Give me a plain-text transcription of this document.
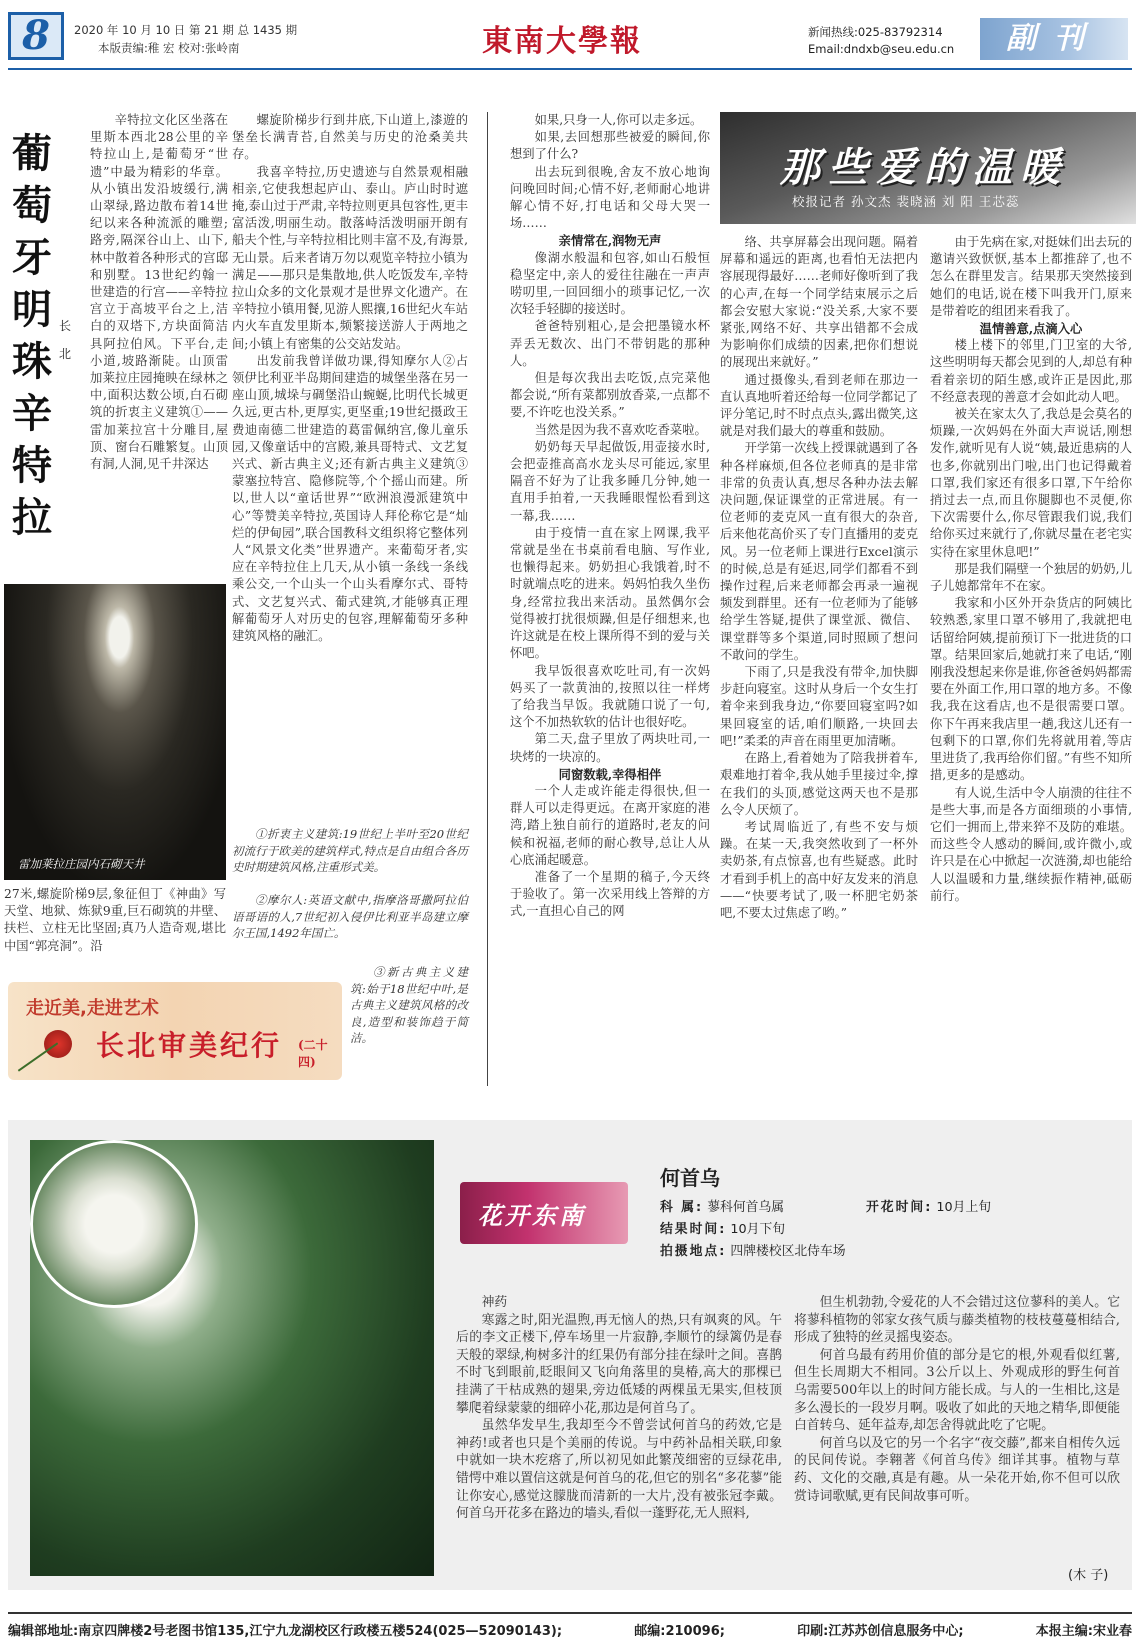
8	2020 年 10 月 10 日 第 21 期 总 1435 期
本版责编:稚 宏 校对:张岭南	東南大學報	新闻热线:025-83792314
Email:dndxb@seu.edu.cn	副刊
葡萄牙明珠辛特拉
长北
辛特拉文化区坐落在里斯本西北28公里的辛特拉山上,是葡萄牙“世遗”中最为精彩的华章。从小镇出发沿坡缓行,满山翠绿,路边散布着14世纪以来各种流派的雕塑;路旁,隔深谷山上、山下,林中散着各种形式的宫邸和别墅。13世纪约翰一世建造的行宫——辛特拉宫立于高坡平台之上,洁白的双塔下,方块面简洁具阿拉伯风。下平台,走小道,坡路渐陡。山顶雷加莱拉庄园掩映在绿林之中,面积达数公顷,白石砌筑的折衷主义建筑①——雷加莱拉宫十分雕目,屋顶、窗台石雕繁复。山顶有洞,人洞,见千井深达
雷加莱拉庄园内石砌天井
27米,螺旋阶梯9层,象征但丁《神曲》写天堂、地狱、炼狱9重,巨石砌筑的井壁、扶栏、立柱无比坚固;真乃人造奇观,堪比中国“郭亮洞”。沿

螺旋阶梯步行到井底,下山道上,漆遊的堡垒长满青苔,自然美与历史的沧桑美共存。

我喜辛特拉,历史遗迹与自然景观相融相亲,它使我想起庐山、泰山。庐山时时遮掩,泰山过于严肃,辛特拉则更具包容性,更丰富活泼,明丽生动。散落峙活泼明丽开朗有船夫个性,与辛特拉相比则丰富不及,有海景,无山景。后来者请万勿以观览辛特拉小镇为满足——那只是集散地,供人吃饭发车,辛特拉山众多的文化景观才是世界文化遗产。在辛特拉小镇用餐,见游人熙攘,16世纪火车站内火车直发里斯本,频繁接送游人于两地之间;小镇上有密集的公交站发站。

出发前我曾详做功课,得知摩尔人②占领伊比利亚半岛期间建造的城堡坐落在另一座山顶,城垛与碉堡沿山蜿蜒,比明代长城更久远,更古朴,更厚实,更坚重;19世纪摄政王费迪南德二世建造的葛雷佩纳宫,像儿童乐园,又像童话中的宫殿,兼具哥特式、文艺复兴式、新古典主义;还有新古典主义建筑③蒙塞拉特宫、隐修院等,个个摇山而建。所以,世人以“童话世界”“欧洲浪漫派建筑中心”等赞美辛特拉,英国诗人拜伦称它是“灿烂的伊甸园”,联合国教科文组织将它整体列人“风景文化类”世界遗产。来葡萄牙者,实应在辛特拉住上几天,从小镇一条线一条线乘公交,一个山头一个山头看摩尔式、哥特式、文艺复兴式、葡式建筑,才能够真正理解葡萄牙人对历史的包容,理解葡萄牙多种建筑风格的融汇。

①折衷主义建筑:19世纪上半叶至20世纪初流行于欧美的建筑样式,特点是自由组合各历史时期建筑风格,注重形式美。
②摩尔人:英语文献中,指摩洛哥撒阿拉伯语哥语的人,7世纪初入侵伊比利亚半岛建立摩尔王国,1492年国亡。
③新古典主义建筑:始于18世纪中叶,是古典主义建筑风格的改良,造型和装饰趋于简洁。
走近美,走进艺术
长北审美纪行 (二十四)
那些爱的温暖
校报记者 孙文杰 裴晓涵 刘 阳 王芯蕊

如果,只身一人,你可以走多远。

如果,去回想那些被爱的瞬间,你想到了什么?

出去玩到很晚,舍友不放心地询问晚回时间;心情不好,老师耐心地讲解心情不好,打电话和父母大哭一场……

亲情常在,润物无声

像湖水般温和包容,如山石般恒稳坚定中,亲人的爱往往融在一声声唠叨里,一回回细小的琐事记忆,一次次轻手轻脚的接送时。

爸爸特别粗心,是会把墨镜水杯弄丢无数次、出门不带钥匙的那种人。

但是每次我出去吃饭,点完菜他都会说,“所有菜都别放香菜,一点都不要,不许吃也没关系。”

当然是因为我不喜欢吃香菜啦。

奶奶每天早起做饭,用壶接水时,会把壶推高高水龙头尽可能远,家里隔音不好为了让我多睡几分钟,她一直用手拍着,一天我睡眼惺忪看到这一幕,我……

由于疫情一直在家上网课,我平常就是坐在书桌前看电脑、写作业,也懒得起来。奶奶担心我饿着,时不时就端点吃的进来。妈妈怕我久坐伤身,经常拉我出来活动。虽然偶尔会觉得被打扰很烦躁,但是仔细想来,也许这就是在校上课所得不到的爱与关怀吧。

我早饭很喜欢吃吐司,有一次妈妈买了一款黄油的,按照以往一样烤了给我当早饭。我就随口说了一句,这个不加热软软的估计也很好吃。

第二天,盘子里放了两块吐司,一块烤的一块凉的。

同窗数载,幸得相伴

一个人走或许能走得很快,但一群人可以走得更远。在离开家庭的港湾,踏上独自前行的道路时,老友的问候和祝福,老师的耐心教导,总让人从心底涌起暖意。

准备了一个星期的稿子,今天终于验收了。第一次采用线上答辩的方式,一直担心自己的网

络、共享屏幕会出现问题。隔着屏幕和遥远的距离,也看怕无法把内容展现得最好……老师好像听到了我的心声,在每一个同学结束展示之后都会安慰大家说:“没关系,大家不要紧张,网络不好、共享出错都不会成为影响你们成绩的因素,把你们想说的展现出来就好。”

通过摄像头,看到老师在那边一直认真地听着还给每一位同学都记了评分笔记,时不时点点头,露出微笑,这就是对我们最大的尊重和鼓励。

开学第一次线上授课就遇到了各种各样麻烦,但各位老师真的是非常非常的负责认真,想尽各种办法去解决问题,保证课堂的正常进展。有一位老师的麦克风一直有很大的杂音,后来他花高价买了专门直播用的麦克风。另一位老师上课进行Excel演示的时候,总是有延迟,同学们都看不到操作过程,后来老师都会再录一遍视频发到群里。还有一位老师为了能够给学生答疑,提供了课堂派、微信、课堂群等多个渠道,同时照顾了想问不敢问的学生。

下雨了,只是我没有带伞,加快脚步赶向寝室。这时从身后一个女生打着伞来到我身边,“你要回寝室吗?如果回寝室的话,咱们顺路,一块回去吧!”柔柔的声音在雨里更加清晰。

在路上,看着她为了陪我拼着车,艰难地打着伞,我从她手里接过伞,撑在我们的头顶,感觉这两天也不是那么令人厌烦了。

考试周临近了,有些不安与烦躁。在某一天,我突然收到了一杯外卖奶茶,有点惊喜,也有些疑惑。此时才看到手机上的高中好友发来的消息——“快要考试了,吸一杯肥宅奶茶吧,不要太过焦虑了哟。”

由于先病在家,对挺妹们出去玩的邀请兴致恹恹,基本上都推辞了,也不怎么在群里发言。结果那天突然接到她们的电话,说在楼下叫我开门,原来是带着吃的组团来看我了。
温情善意,点滴入心

楼上楼下的邻里,门卫室的大爷,这些明明每天都会见到的人,却总有种看着亲切的陌生感,或许正是因此,那不经意表现的善意才会如此动人吧。

被关在家太久了,我总是会莫名的烦躁,一次妈妈在外面大声说话,刚想发作,就听见有人说“姨,最近患病的人也多,你就别出门啦,出门也记得戴着口罩,我们家还有很多口罩,下午给你捎过去一点,而且你腿脚也不灵便,你下次需要什么,你尽管跟我们说,我们给你买过来就行了,你就尽量在老宅实实待在家里休息吧!”

那是我们隔壁一个独居的奶奶,儿子儿媳都常年不在家。

我家和小区外开杂货店的阿姨比较熟悉,家里口罩不够用了,我就把电话留给阿姨,提前预订下一批进货的口罩。结果回家后,她就打来了电话,“刚刚我没想起来你是谁,你爸爸妈妈都需要在外面工作,用口罩的地方多。不像我,我在这看店,也不是很需要口罩。你下午再来我店里一趟,我这儿还有一包剩下的口罩,你们先将就用着,等店里进货了,我再给你们留。”有些不知所措,更多的是感动。

有人说,生活中令人崩溃的往往不是些大事,而是各方面细琐的小事情,它们一拥而上,带来猝不及防的难堪。而这些令人感动的瞬间,或许微小,或许只是在心中掀起一次涟漪,却也能给人以温暖和力量,继续振作精神,砥砺前行。

花开东南
何首乌
科 属: 蓼科何首乌属	开花时间: 10月上旬
结果时间: 10月下旬
拍摄地点: 四牌楼校区北侍车场
神药

寒露之时,阳光温煦,再无恼人的热,只有飒爽的风。午后的李文正楼下,停车场里一片寂静,李顺竹的绿篱仍是春天般的翠绿,枸树多汁的红果仍有部分挂在绿叶之间。喜鹊不时飞到眼前,眨眼间又飞向角落里的臭椿,高大的那棵已挂满了干枯成熟的翅果,旁边低矮的两棵虽无果实,但枝顶攀爬着绿蒙蒙的细碎小花,那边是何首乌了。

虽然华发早生,我却至今不曾尝试何首乌的药效,它是神药!或者也只是个美丽的传说。与中药补品相关联,印象中就如一块木疙瘩了,所以初见如此繁茂细密的豆绿花串,错愕中难以置信这就是何首乌的花,但它的别名“多花蓼”能让你安心,感觉这朦胧而清新的一大片,没有被张冠李戴。何首乌开花多在路边的墙头,看似一蓬野花,无人照料,

但生机勃勃,令爱花的人不会错过这位蓼科的美人。它将蓼科植物的邻家女孩气质与藤类植物的枝枝蔓蔓相结合,形成了独特的丝灵摇曳姿态。

何首乌最有药用价值的部分是它的根,外观看似红薯,但生长周期大不相同。3公斤以上、外观成形的野生何首乌需要500年以上的时间方能长成。与人的一生相比,这是多么漫长的一段岁月啊。吸收了如此的天地之精华,即便能白首转乌、延年益寿,却怎舍得就此吃了它呢。

何首乌以及它的另一个名字“夜交藤”,都来自相传久远的民间传说。李翱著《何首乌传》细详其事。植物与草药、文化的交融,真是有趣。从一朵花开始,你不但可以欣赏诗词歌赋,更有民间故事可听。

(木 子)
编辑部地址:南京四牌楼2号老图书馆135,江宁九龙湖校区行政楼五楼524(025—52090143);	邮编:210096;	印刷:江苏苏创信息服务中心;	本报主编:宋业春
